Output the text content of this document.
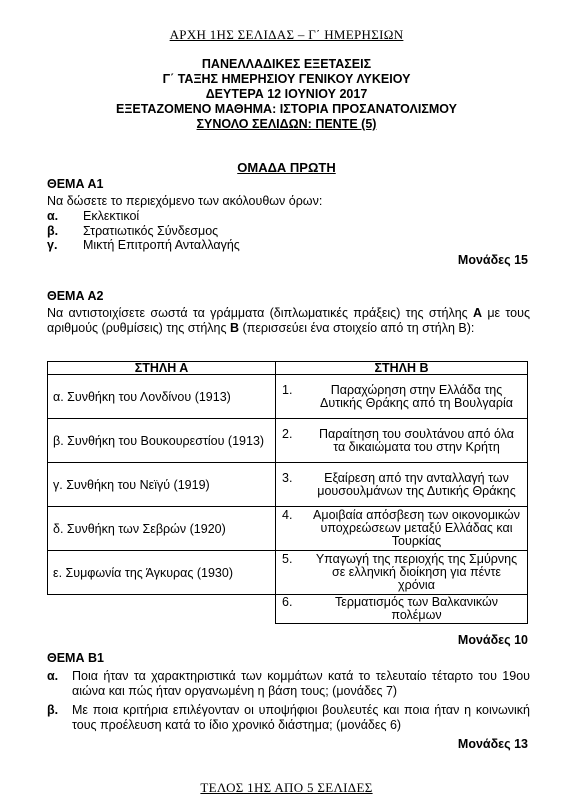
ΑΡΧΗ 1ΗΣ ΣΕΛΙΔΑΣ – Γ΄ ΗΜΕΡΗΣΙΩΝ
ΠΑΝΕΛΛΑΔΙΚΕΣ ΕΞΕΤΑΣΕΙΣ
Γ΄ ΤΑΞΗΣ ΗΜΕΡΗΣΙΟΥ ΓΕΝΙΚΟΥ ΛΥΚΕΙΟΥ
ΔΕΥΤΕΡΑ 12 ΙΟΥΝΙΟΥ 2017
ΕΞΕΤΑΖΟΜΕΝΟ ΜΑΘΗΜΑ: ΙΣΤΟΡΙΑ ΠΡΟΣΑΝΑΤΟΛΙΣΜΟΥ
ΣΥΝΟΛΟ ΣΕΛΙΔΩΝ: ΠΕΝΤΕ (5)
ΟΜΑΔΑ ΠΡΩΤΗ
ΘΕΜΑ Α1
Να δώσετε το περιεχόμενο των ακόλουθων όρων:
α. Εκλεκτικοί
β. Στρατιωτικός Σύνδεσμος
γ. Μικτή Επιτροπή Ανταλλαγής
Μονάδες 15
ΘΕΜΑ Α2
Να αντιστοιχίσετε σωστά τα γράμματα (διπλωματικές πράξεις) της στήλης Α με τους αριθμούς (ρυθμίσεις) της στήλης Β (περισσεύει ένα στοιχείο από τη στήλη Β):
ΣΤΗΛΗ Α	ΣΤΗΛΗ Β
α. Συνθήκη του Λονδίνου (1913)	1. Παραχώρηση στην Ελλάδα της Δυτικής Θράκης από τη Βουλγαρία

β. Συνθήκη του Βουκουρεστίου (1913)	2. Παραίτηση του σουλτάνου από όλα τα δικαιώματα του στην Κρήτη

γ. Συνθήκη του Νεϊγύ (1919)	3. Εξαίρεση από την ανταλλαγή των μουσουλμάνων της Δυτικής Θράκης

δ. Συνθήκη των Σεβρών (1920)	4. Αμοιβαία απόσβεση των οικονομικών υποχρεώσεων μεταξύ Ελλάδας και Τουρκίας

ε. Συμφωνία της Άγκυρας (1930)	5. Υπαγωγή της περιοχής της Σμύρνης σε ελληνική διοίκηση για πέντε χρόνια

	6. Τερματισμός των Βαλκανικών πολέμων
Μονάδες 10
ΘΕΜΑ Β1
α.	Ποια ήταν τα χαρακτηριστικά των κομμάτων κατά το τελευταίο τέταρτο του 19ου αιώνα και πώς ήταν οργανωμένη η βάση τους; (μονάδες 7)
β.	Με ποια κριτήρια επιλέγονταν οι υποψήφιοι βουλευτές και ποια ήταν η κοινωνική τους προέλευση κατά το ίδιο χρονικό διάστημα; (μονάδες 6)
Μονάδες 13
ΤΕΛΟΣ 1ΗΣ ΑΠΟ 5 ΣΕΛΙΔΕΣ
